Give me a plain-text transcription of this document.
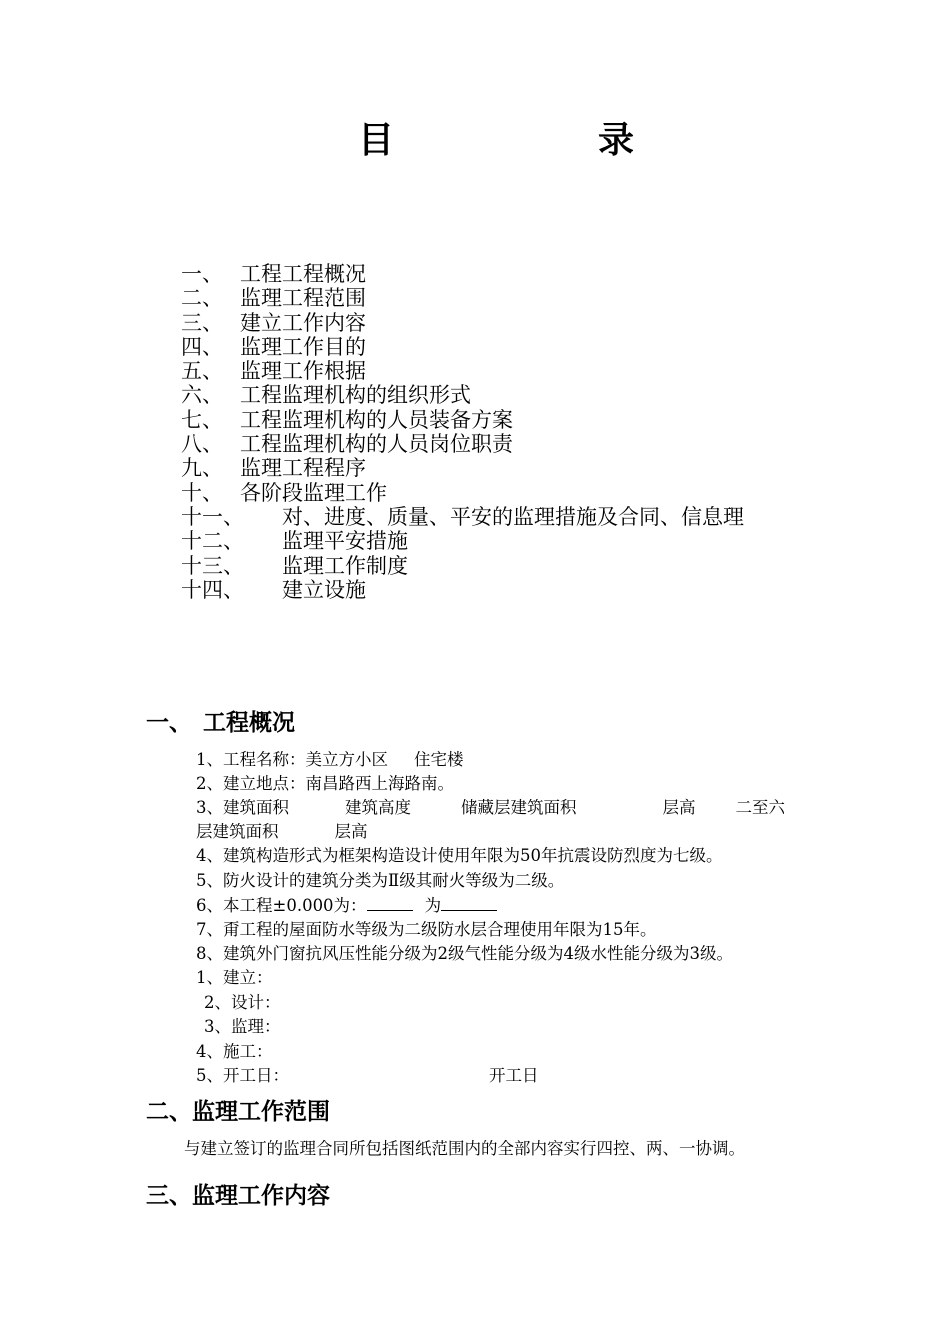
目　　录
一、 工程工程概况
二、 监理工程范围
三、 建立工作内容
四、 监理工作目的
五、 监理工作根据
六、 工程监理机构的组织形式
七、 工程监理机构的人员装备方案
八、 工程监理机构的人员岗位职责
九、 监理工程程序
十、 各阶段监理工作
十一、 对、进度、质量、平安的监理措施及合同、信息理
十二、 监理平安措施
十三、 监理工作制度
十四、 建立设施
一、 工程概况
1、工程名称：美立方小区 住宅楼
2、建立地点：南昌路西上海路南。
3、建筑面积	建筑高度	储藏层建筑面积	层高 二至六
层建筑面积	层高
4、建筑构造形式为框架构造设计使用年限为50年抗震设防烈度为七级。
5、防火设计的建筑分类为Ⅱ级其耐火等级为二级。
6、本工程±0.000为：	为
7、甭工程的屋面防水等级为二级防水层合理使用年限为15年。
8、建筑外门窗抗风压性能分级为2级气性能分级为4级水性能分级为3级。
1、建立：
2、设计：
3、监理：
4、施工：
5、开工日：	开工日
二、监理工作范围
与建立签订的监理合同所包括图纸范围内的全部内容实行四控、两、一协调。
三、监理工作内容
